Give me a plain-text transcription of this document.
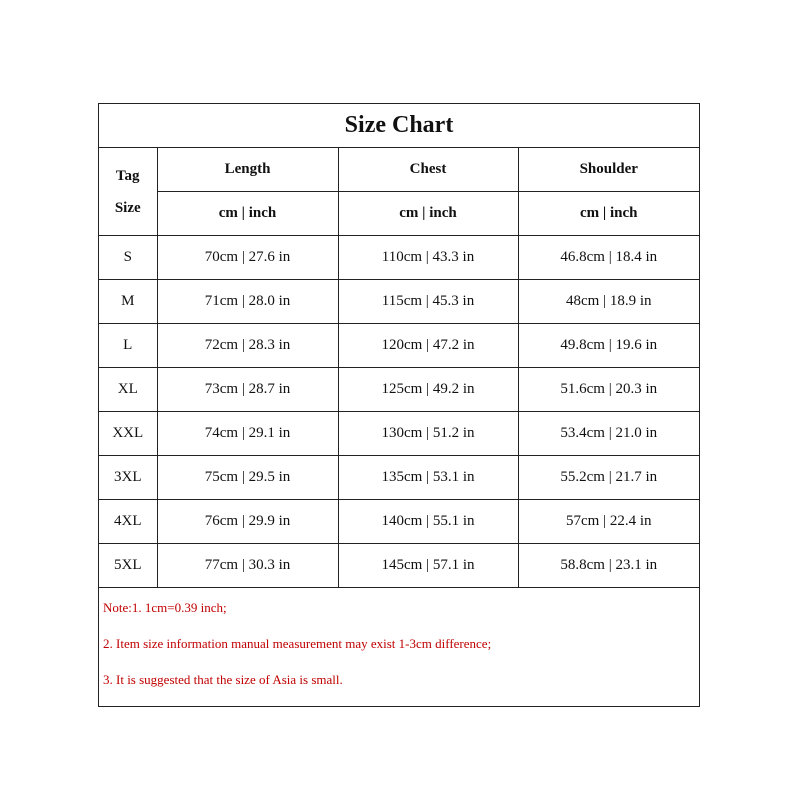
Size Chart
Tag
Size	Length	Chest	Shoulder
	cm | inch	cm | inch	cm | inch
S	70cm | 27.6 in	110cm | 43.3 in	46.8cm | 18.4 in
M	71cm | 28.0 in	115cm | 45.3 in	48cm | 18.9 in
L	72cm | 28.3 in	120cm | 47.2 in	49.8cm | 19.6 in
XL	73cm | 28.7 in	125cm | 49.2 in	51.6cm | 20.3 in
XXL	74cm | 29.1 in	130cm | 51.2 in	53.4cm | 21.0 in
3XL	75cm | 29.5 in	135cm | 53.1 in	55.2cm | 21.7 in
4XL	76cm | 29.9 in	140cm | 55.1 in	57cm | 22.4 in
5XL	77cm | 30.3 in	145cm | 57.1 in	58.8cm | 23.1 in
Note:1. 1cm=0.39 inch;
2. Item size information manual measurement may exist 1-3cm difference;
3. It is suggested that the size of Asia is small.
